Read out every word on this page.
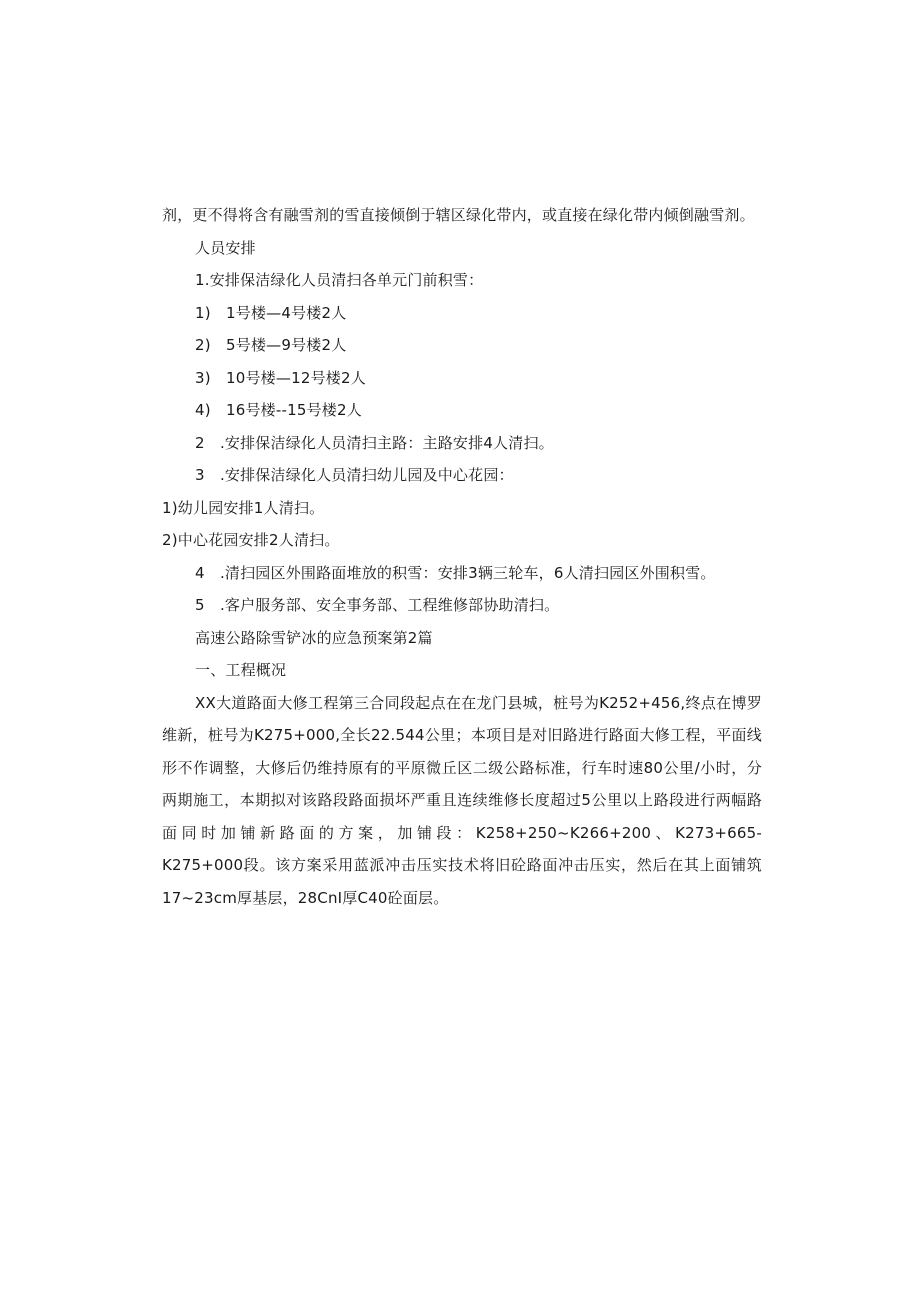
剂，更不得将含有融雪剂的雪直接倾倒于辖区绿化带内，或直接在绿化带内倾倒融雪剂。
人员安排
1.安排保洁绿化人员清扫各单元门前积雪：
1) 1号楼—4号楼2人
2) 5号楼—9号楼2人
3) 10号楼—12号楼2人
4) 16号楼--15号楼2人
2　.安排保洁绿化人员清扫主路：主路安排4人清扫。
3　.安排保洁绿化人员清扫幼儿园及中心花园：
1)幼儿园安排1人清扫。
2)中心花园安排2人清扫。
4　.清扫园区外围路面堆放的积雪：安排3辆三轮车，6人清扫园区外围积雪。
5　.客户服务部、安全事务部、工程维修部协助清扫。
高速公路除雪铲冰的应急预案第2篇
一、工程概况
XX大道路面大修工程第三合同段起点在在龙门县城，桩号为K252+456,终点在博罗维新，桩号为K275+000,全长22.544公里；本项目是对旧路进行路面大修工程，平面线形不作调整，大修后仍维持原有的平原微丘区二级公路标准，行车时速80公里/小时，分两期施工，本期拟对该路段路面损坏严重且连续维修长度超过5公里以上路段进行两幅路面同时加铺新路面的方案，加铺段：K258+250~K266+200、K273+665-K275+000段。该方案采用蓝派冲击压实技术将旧砼路面冲击压实，然后在其上面铺筑17~23cm厚基层，28CnI厚C40砼面层。
